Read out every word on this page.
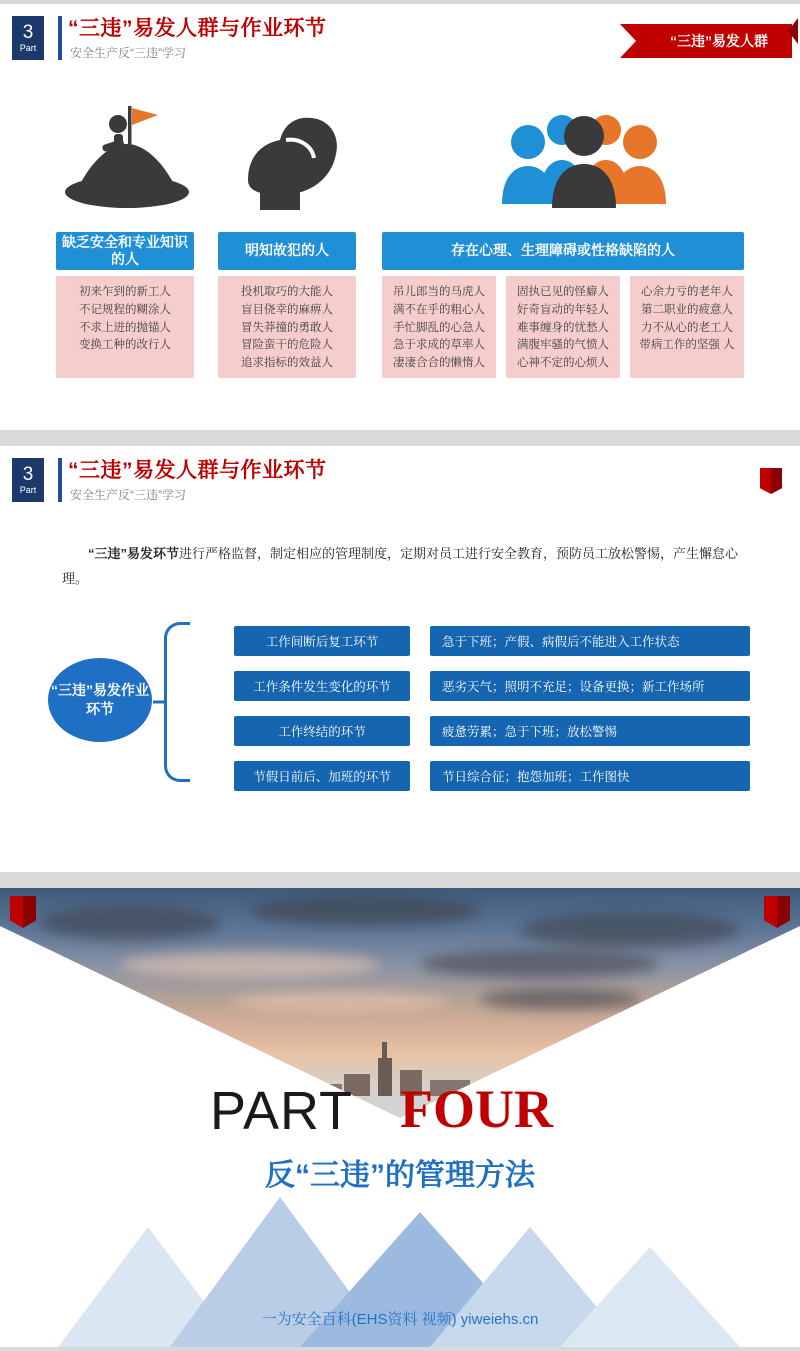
3
Part
“三违”易发人群与作业环节
安全生产反“三违”学习
“三违”易发人群
缺乏安全和专业知识的人
明知故犯的人	存在心理、生理障碍或性格缺陷的人
初来乍到的新工人
不记规程的糊涂人
不求上进的抛锚人
变换工种的改行人
投机取巧的大能人
盲目侥幸的麻痹人
冒失莽撞的勇敢人
冒险蛮干的危险人
追求指标的效益人
吊儿郎当的马虎人
满不在乎的粗心人
手忙脚乱的心急人
急于求成的草率人
凄凄合合的懒惰人
固执已见的怪癖人
好奇盲动的年轻人
难事缠身的忧愁人
满腹牢骚的气愤人
心神不定的心烦人
心余力亏的老年人
第二职业的疲意人
力不从心的老工人
带病工作的坚强 人
3
Part
“三违”易发人群与作业环节
安全生产反“三违”学习
“三违”易发环节进行严格监督，制定相应的管理制度，定期对员工进行安全教育，预防员工放松警惕，产生懈怠心理。
“三违”易发作业环节
工作间断后复工环节	急于下班；产假、病假后不能进入工作状态
工作条件发生变化的环节	恶劣天气；照明不充足；设备更换；新工作场所
工作终结的环节	疲惫劳累；急于下班；放松警惕
节假日前后、加班的环节	节日综合征；抱怨加班；工作图快
PART FOUR
反“三违”的管理方法
一为安全百科(EHS资料 视频) yiweiehs.cn
